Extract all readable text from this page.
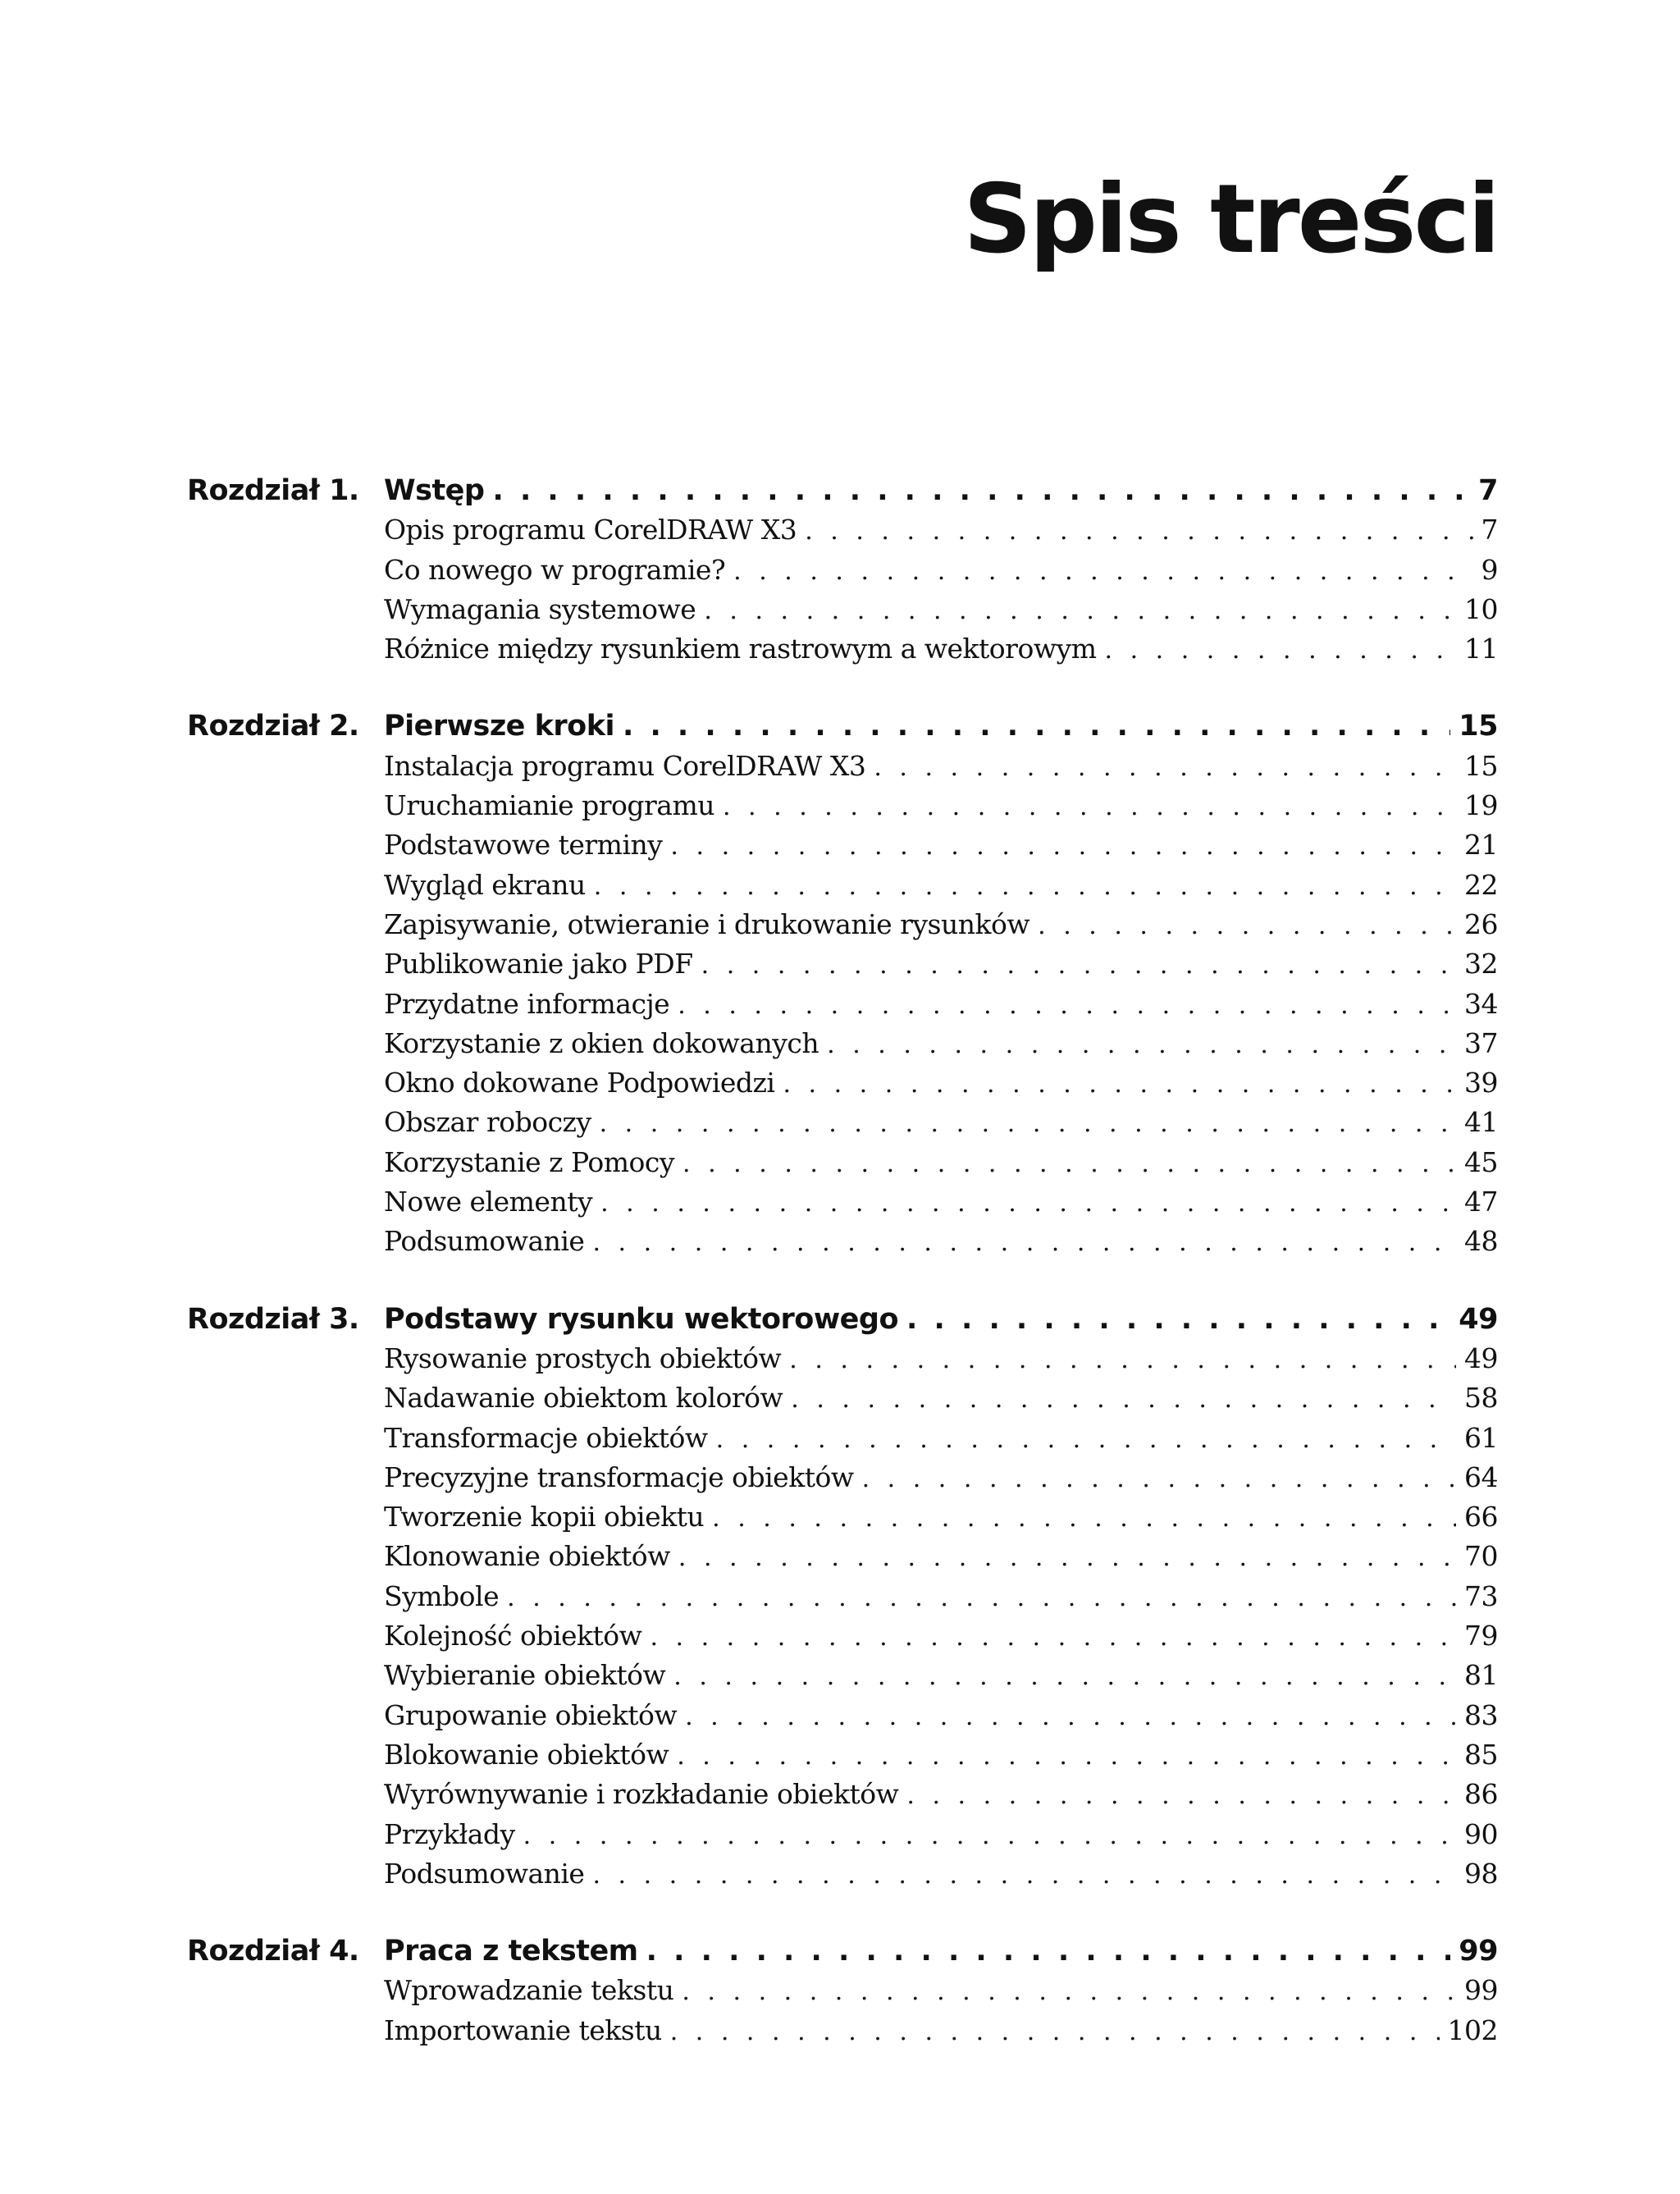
Spis treści
Rozdział 1. Wstęp . . .	7
Opis programu CorelDRAW X3 . . .	7
Co nowego w programie? . . .	9
Wymagania systemowe . . .	10
Różnice między rysunkiem rastrowym a wektorowym . . .	11
Rozdział 2. Pierwsze kroki . . .	15
Instalacja programu CorelDRAW X3 . . .	15
Uruchamianie programu . . .	19
Podstawowe terminy . . .	21
Wygląd ekranu . . .	22
Zapisywanie, otwieranie i drukowanie rysunków . . .	26
Publikowanie jako PDF . . .	32
Przydatne informacje . . .	34
Korzystanie z okien dokowanych . . .	37
Okno dokowane Podpowiedzi . . .	39
Obszar roboczy . . .	41
Korzystanie z Pomocy . . .	45
Nowe elementy . . .	47
Podsumowanie . . .	48
Rozdział 3. Podstawy rysunku wektorowego . . .	49
Rysowanie prostych obiektów . . .	49
Nadawanie obiektom kolorów . . .	58
Transformacje obiektów . . .	61
Precyzyjne transformacje obiektów . . .	64
Tworzenie kopii obiektu . . .	66
Klonowanie obiektów . . .	70
Symbole . . .	73
Kolejność obiektów . . .	79
Wybieranie obiektów . . .	81
Grupowanie obiektów . . .	83
Blokowanie obiektów . . .	85
Wyrównywanie i rozkładanie obiektów . . .	86
Przykłady . . .	90
Podsumowanie . . .	98
Rozdział 4. Praca z tekstem . . .	99
Wprowadzanie tekstu . . .	99
Importowanie tekstu . . .	102
